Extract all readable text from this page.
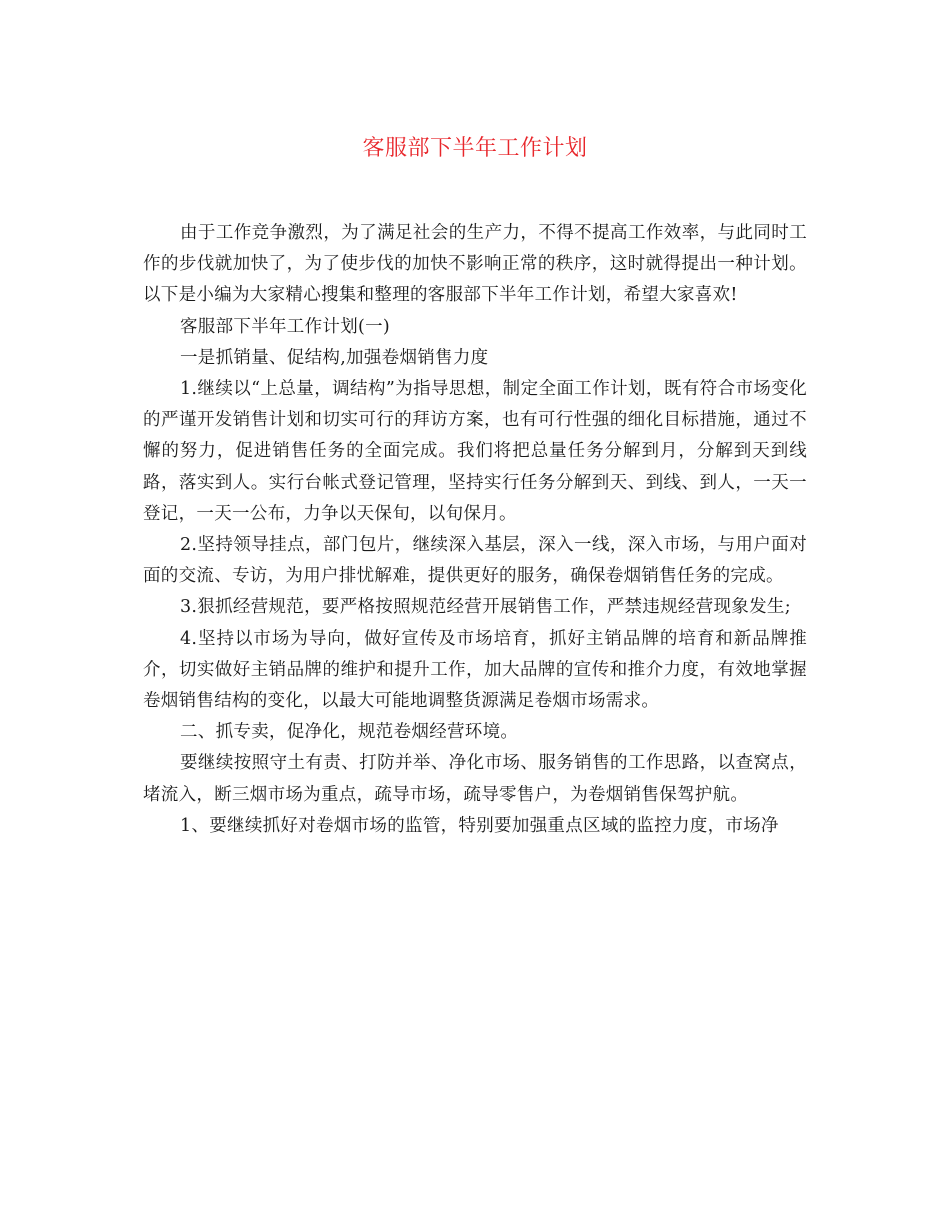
客服部下半年工作计划

由于工作竞争激烈，为了满足社会的生产力，不得不提高工作效率，与此同时工作的步伐就加快了，为了使步伐的加快不影响正常的秩序，这时就得提出一种计划。以下是小编为大家精心搜集和整理的客服部下半年工作计划，希望大家喜欢!

客服部下半年工作计划(一)

一是抓销量、促结构,加强卷烟销售力度

1.继续以“上总量，调结构”为指导思想，制定全面工作计划，既有符合市场变化的严谨开发销售计划和切实可行的拜访方案，也有可行性强的细化目标措施，通过不懈的努力，促进销售任务的全面完成。我们将把总量任务分解到月，分解到天到线路，落实到人。实行台帐式登记管理，坚持实行任务分解到天、到线、到人，一天一登记，一天一公布，力争以天保旬，以旬保月。

2.坚持领导挂点，部门包片，继续深入基层，深入一线，深入市场，与用户面对面的交流、专访，为用户排忧解难，提供更好的服务，确保卷烟销售任务的完成。

3.狠抓经营规范，要严格按照规范经营开展销售工作，严禁违规经营现象发生;

4.坚持以市场为导向，做好宣传及市场培育，抓好主销品牌的培育和新品牌推介，切实做好主销品牌的维护和提升工作，加大品牌的宣传和推介力度，有效地掌握卷烟销售结构的变化，以最大可能地调整货源满足卷烟市场需求。

二、抓专卖，促净化，规范卷烟经营环境。

要继续按照守土有责、打防并举、净化市场、服务销售的工作思路，以查窝点，堵流入，断三烟市场为重点，疏导市场，疏导零售户，为卷烟销售保驾护航。

1、要继续抓好对卷烟市场的监管，特别要加强重点区域的监控力度，市场净
